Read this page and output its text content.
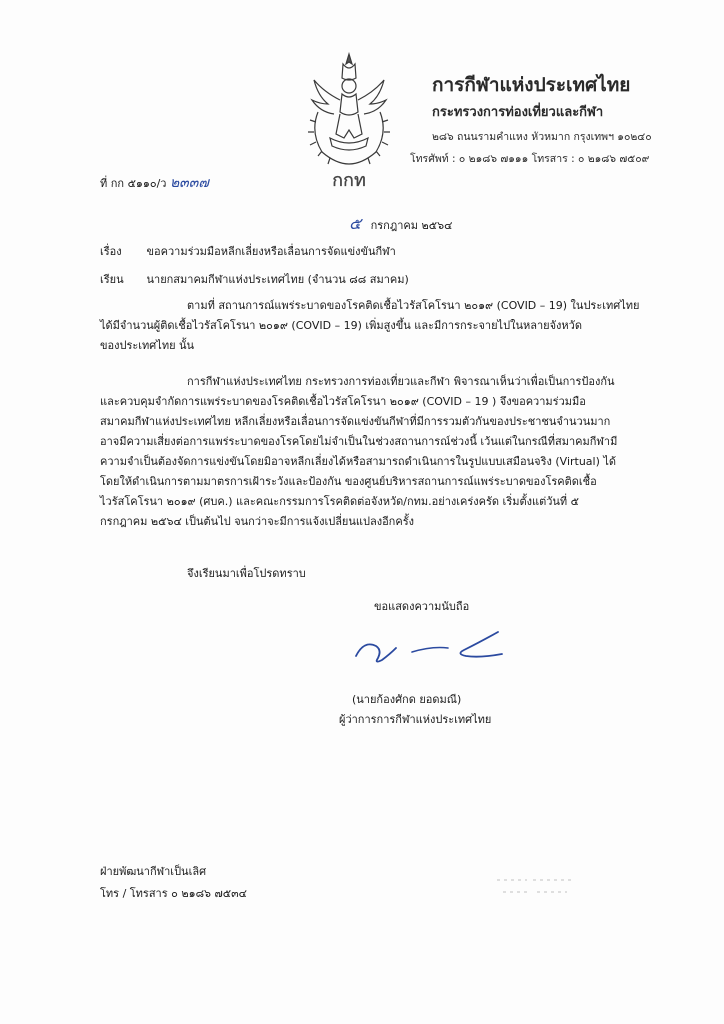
กกท
การกีฬาแห่งประเทศไทย
กระทรวงการท่องเที่ยวและกีฬา
๒๘๖ ถนนรามคำแหง หัวหมาก กรุงเทพฯ ๑๐๒๔๐
โทรศัพท์ : ๐ ๒๑๘๖ ๗๑๑๑ โทรสาร : ๐ ๒๑๘๖ ๗๕๐๙
ที่ กก ๕๑๑๐/ว ๒๓๓๗
๕ กรกฎาคม ๒๕๖๔
เรื่อง ขอความร่วมมือหลีกเลี่ยงหรือเลื่อนการจัดแข่งขันกีฬา
เรียน นายกสมาคมกีฬาแห่งประเทศไทย (จำนวน ๘๘ สมาคม)
ตามที่ สถานการณ์แพร่ระบาดของโรคติดเชื้อไวรัสโคโรนา ๒๐๑๙ (COVID – 19) ในประเทศไทย
ได้มีจำนวนผู้ติดเชื้อไวรัสโคโรนา ๒๐๑๙ (COVID – 19) เพิ่มสูงขึ้น และมีการกระจายไปในหลายจังหวัด
ของประเทศไทย นั้น
การกีฬาแห่งประเทศไทย กระทรวงการท่องเที่ยวและกีฬา พิจารณาเห็นว่าเพื่อเป็นการป้องกัน
และควบคุมจำกัดการแพร่ระบาดของโรคติดเชื้อไวรัสโคโรนา ๒๐๑๙ (COVID – 19 ) จึงขอความร่วมมือ
สมาคมกีฬาแห่งประเทศไทย หลีกเลี่ยงหรือเลื่อนการจัดแข่งขันกีฬาที่มีการรวมตัวกันของประชาชนจำนวนมาก
อาจมีความเสี่ยงต่อการแพร่ระบาดของโรคโดยไม่จำเป็นในช่วงสถานการณ์ช่วงนี้ เว้นแต่ในกรณีที่สมาคมกีฬามี
ความจำเป็นต้องจัดการแข่งขันโดยมิอาจหลีกเลี่ยงได้หรือสามารถดำเนินการในรูปแบบเสมือนจริง (Virtual) ได้
โดยให้ดำเนินการตามมาตรการเฝ้าระวังและป้องกัน ของศูนย์บริหารสถานการณ์แพร่ระบาดของโรคติดเชื้อ
ไวรัสโคโรนา ๒๐๑๙ (ศบค.) และคณะกรรมการโรคติดต่อจังหวัด/กทม.อย่างเคร่งครัด เริ่มตั้งแต่วันที่ ๕
กรกฎาคม ๒๕๖๔ เป็นต้นไป จนกว่าจะมีการแจ้งเปลี่ยนแปลงอีกครั้ง
จึงเรียนมาเพื่อโปรดทราบ
ขอแสดงความนับถือ
(นายก้องศักด ยอดมณี)
ผู้ว่าการการกีฬาแห่งประเทศไทย
ฝ่ายพัฒนากีฬาเป็นเลิศ
โทร / โทรสาร ๐ ๒๑๘๖ ๗๕๓๔
